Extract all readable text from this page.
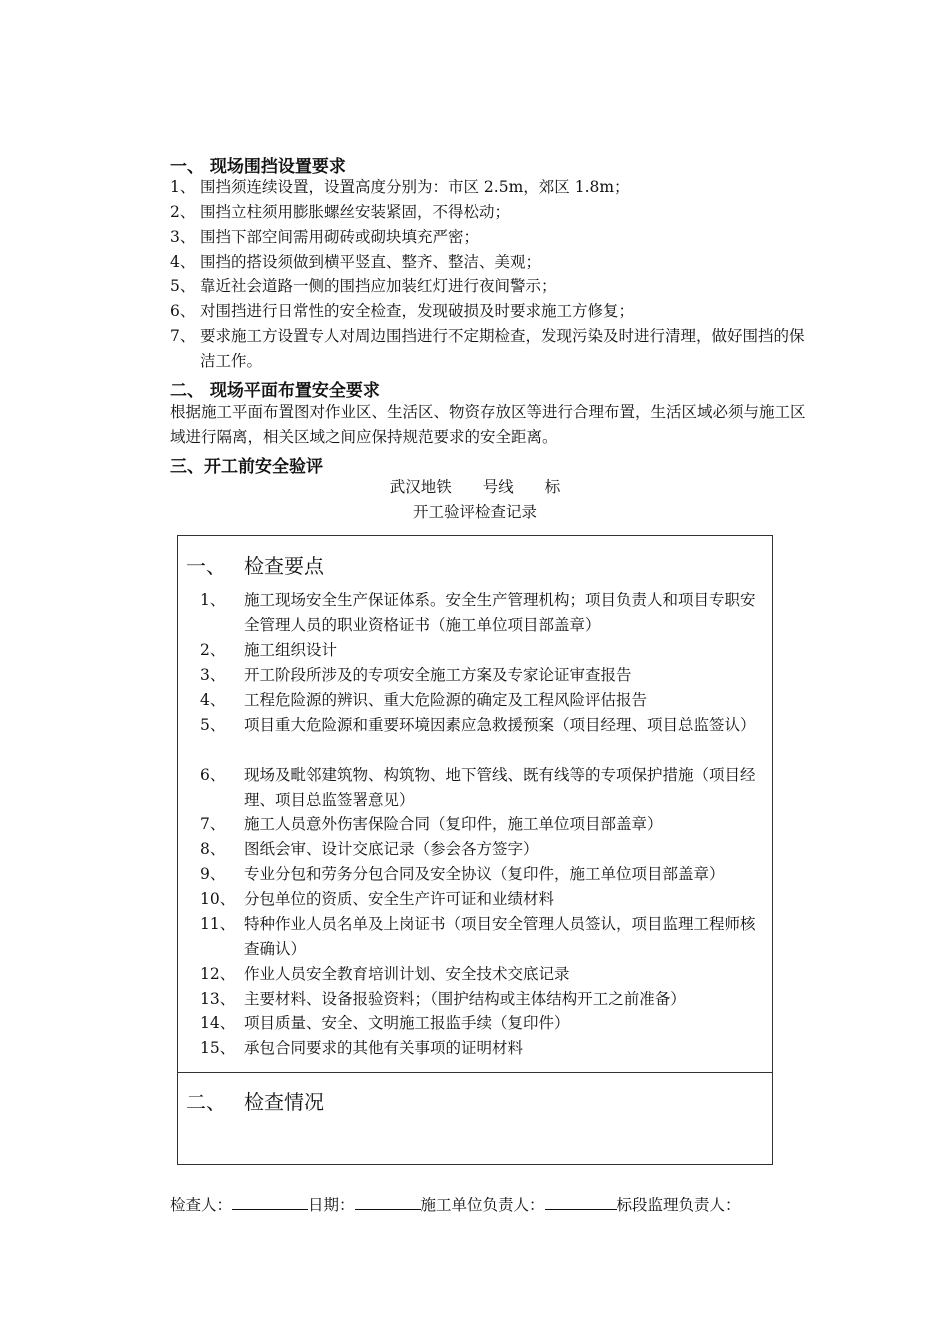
一、 现场围挡设置要求
1、 围挡须连续设置，设置高度分别为：市区 2.5m，郊区 1.8m；
2、 围挡立柱须用膨胀螺丝安装紧固，不得松动；
3、 围挡下部空间需用砌砖或砌块填充严密；
4、 围挡的搭设须做到横平竖直、整齐、整洁、美观；
5、 靠近社会道路一侧的围挡应加装红灯进行夜间警示；
6、 对围挡进行日常性的安全检查，发现破损及时要求施工方修复；
7、 要求施工方设置专人对周边围挡进行不定期检查，发现污染及时进行清理，做好围挡的保洁工作。
二、 现场平面布置安全要求
根据施工平面布置图对作业区、生活区、物资存放区等进行合理布置，生活区域必须与施工区域进行隔离，相关区域之间应保持规范要求的安全距离。
三、开工前安全验评
武汉地铁　　号线　　标
开工验评检查记录
一、 检查要点
1、 施工现场安全生产保证体系。安全生产管理机构；项目负责人和项目专职安全管理人员的职业资格证书（施工单位项目部盖章）
2、 施工组织设计
3、 开工阶段所涉及的专项安全施工方案及专家论证审查报告
4、 工程危险源的辨识、重大危险源的确定及工程风险评估报告
5、 项目重大危险源和重要环境因素应急救援预案（项目经理、项目总监签认）
6、 现场及毗邻建筑物、构筑物、地下管线、既有线等的专项保护措施（项目经理、项目总监签署意见）
7、 施工人员意外伤害保险合同（复印件，施工单位项目部盖章）
8、 图纸会审、设计交底记录（参会各方签字）
9、 专业分包和劳务分包合同及安全协议（复印件，施工单位项目部盖章）
10、 分包单位的资质、安全生产许可证和业绩材料
11、 特种作业人员名单及上岗证书（项目安全管理人员签认，项目监理工程师核查确认）
12、 作业人员安全教育培训计划、安全技术交底记录
13、 主要材料、设备报验资料；（围护结构或主体结构开工之前准备）
14、 项目质量、安全、文明施工报监手续（复印件）
15、 承包合同要求的其他有关事项的证明材料
二、 检查情况
检查人：	日期：	施工单位负责人：	标段监理负责人：
